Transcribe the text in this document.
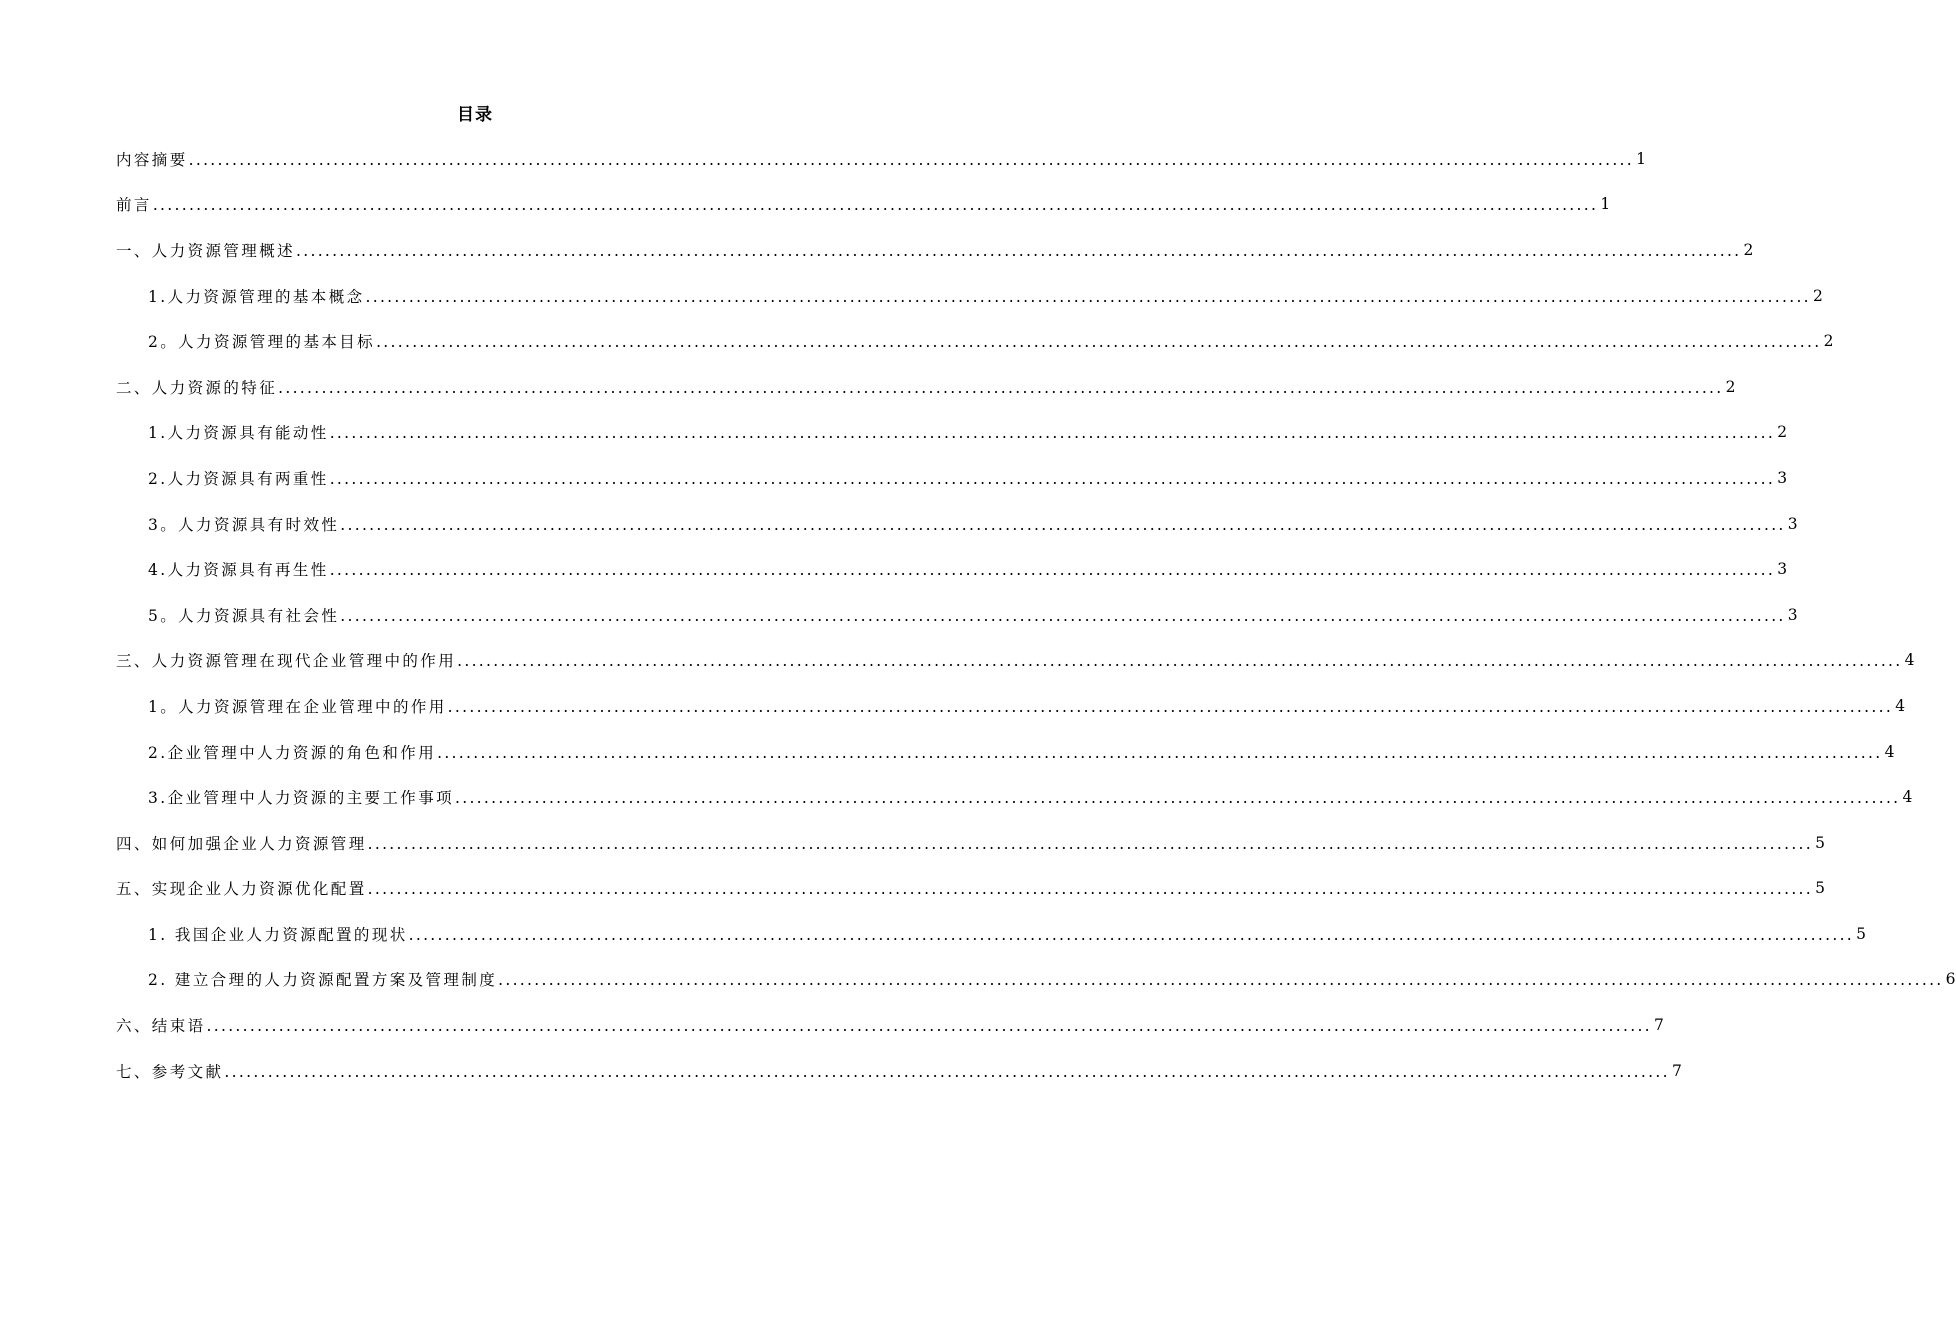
目录
内容摘要 ........................................................................................................................................................................................................ 1
前言 ........................................................................................................................................................................................................ 1
一、人力资源管理概述 ........................................................................................................................................................................................................ 2
1.人力资源管理的基本概念 ........................................................................................................................................................................................................ 2
2。人力资源管理的基本目标 ........................................................................................................................................................................................................ 2
二、人力资源的特征 ........................................................................................................................................................................................................ 2
1.人力资源具有能动性 ........................................................................................................................................................................................................ 2
2.人力资源具有两重性 ........................................................................................................................................................................................................ 3
3。人力资源具有时效性 ........................................................................................................................................................................................................ 3
4.人力资源具有再生性 ........................................................................................................................................................................................................ 3
5。人力资源具有社会性 ........................................................................................................................................................................................................ 3
三、人力资源管理在现代企业管理中的作用 ........................................................................................................................................................................................................ 4
1。人力资源管理在企业管理中的作用 ........................................................................................................................................................................................................ 4
2.企业管理中人力资源的角色和作用 ........................................................................................................................................................................................................ 4
3.企业管理中人力资源的主要工作事项 ........................................................................................................................................................................................................ 4
四、如何加强企业人力资源管理 ........................................................................................................................................................................................................ 5
五、实现企业人力资源优化配置 ........................................................................................................................................................................................................ 5
1. 我国企业人力资源配置的现状 ........................................................................................................................................................................................................ 5
2. 建立合理的人力资源配置方案及管理制度 ........................................................................................................................................................................................................ 6
六、结束语 ........................................................................................................................................................................................................ 7
七、参考文献 ........................................................................................................................................................................................................ 7
